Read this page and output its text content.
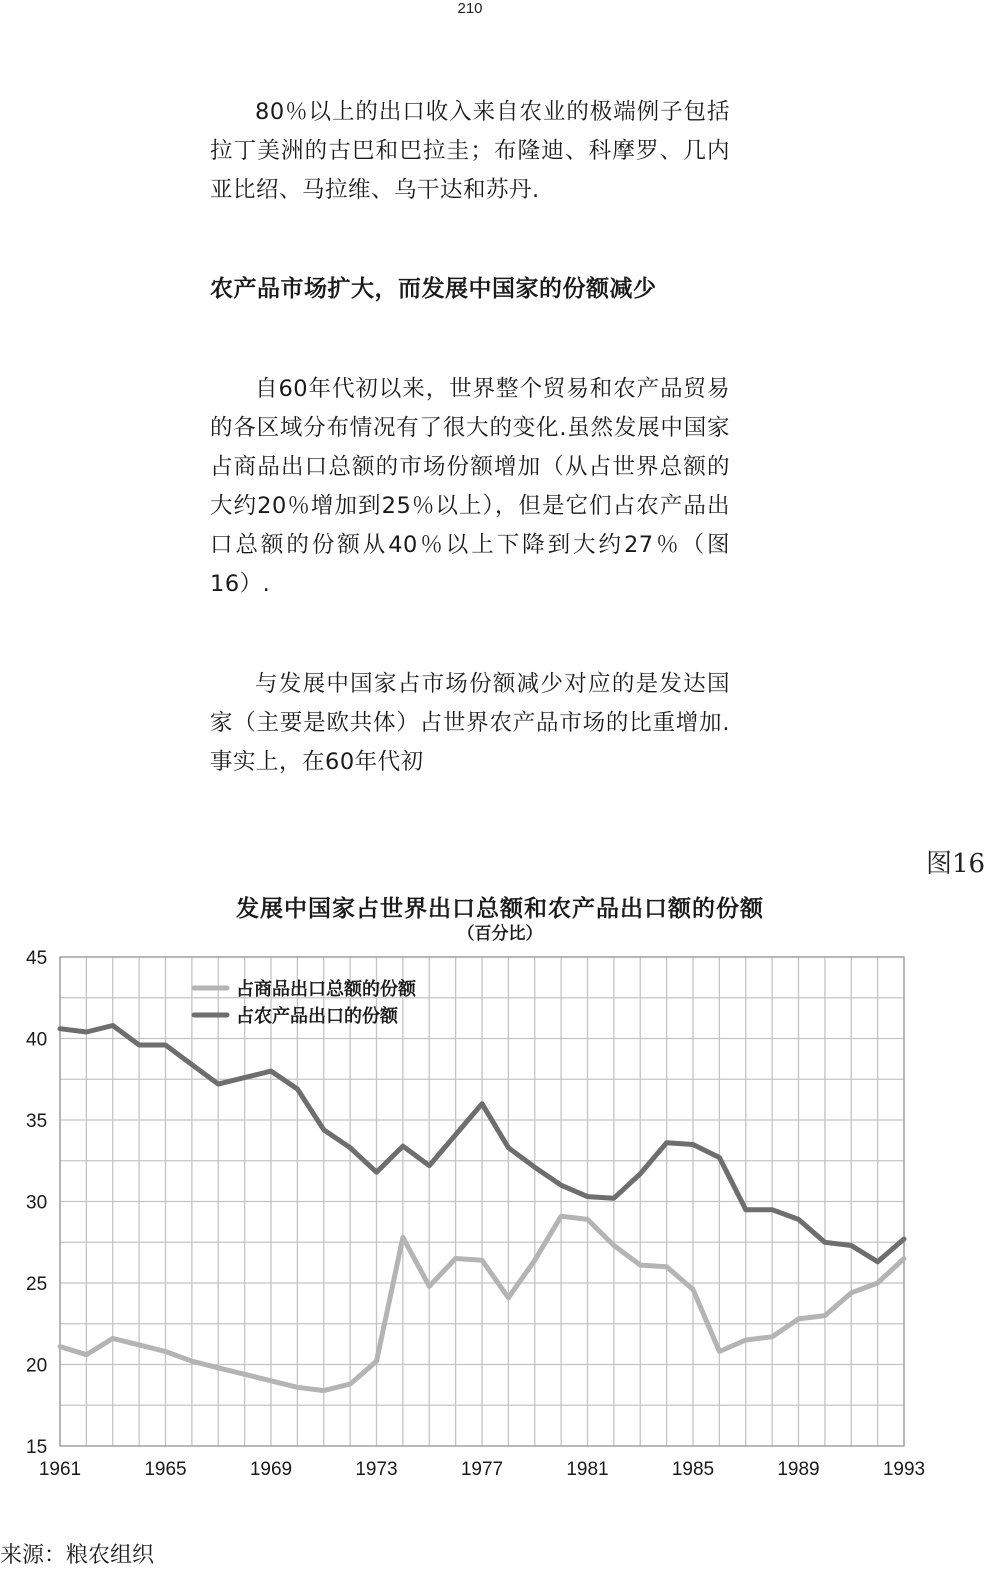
210

80％以上的出口收入来自农业的极端例子包括拉丁美洲的古巴和巴拉圭；布隆迪、科摩罗、几内亚比绍、马拉维、乌干达和苏丹.

农产品市场扩大，而发展中国家的份额减少

自60年代初以来，世界整个贸易和农产品贸易的各区域分布情况有了很大的变化.虽然发展中国家占商品出口总额的市场份额增加（从占世界总额的大约20％增加到25％以上），但是它们占农产品出口总额的份额从40％以上下降到大约27％（图16）.

与发展中国家占市场份额减少对应的是发达国家（主要是欧共体）占世界农产品市场的比重增加.事实上，在60年代初

图16
发展中国家占世界出口总额和农产品出口额的份额
（百分比）
15
20
25
30
35
40
45
1961	1965	1969	1973	1977	1981	1985	1989	1993
占商品出口总额的份额
占农产品出口的份额
来源：粮农组织
